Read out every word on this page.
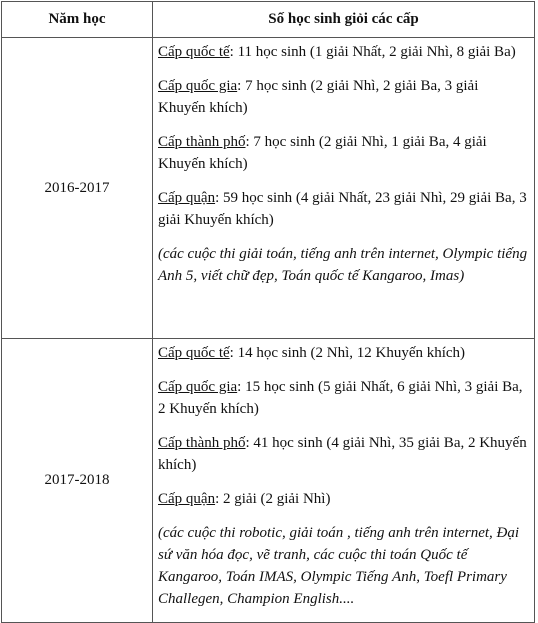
Năm học	Số học sinh giỏi các cấp
2016-2017	Cấp quốc tế: 11 học sinh (1 giải Nhất, 2 giải Nhì, 8 giải Ba)

Cấp quốc gia: 7 học sinh (2 giải Nhì, 2 giải Ba, 3 giải Khuyến khích)

Cấp thành phố: 7 học sinh (2 giải Nhì, 1 giải Ba, 4 giải Khuyến khích)

Cấp quận: 59 học sinh (4 giải Nhất, 23 giải Nhì, 29 giải Ba, 3 giải Khuyến khích)

(các cuộc thi giải toán, tiếng anh trên internet, Olympic tiếng Anh 5, viết chữ đẹp, Toán quốc tế Kangaroo, Imas)

2017-2018	Cấp quốc tế: 14 học sinh (2 Nhì, 12 Khuyến khích)

Cấp quốc gia: 15 học sinh (5 giải Nhất, 6 giải Nhì, 3 giải Ba, 2 Khuyến khích)

Cấp thành phố: 41 học sinh (4 giải Nhì, 35 giải Ba, 2 Khuyến khích)

Cấp quận: 2 giải (2 giải Nhì)

(các cuộc thi robotic, giải toán , tiếng anh trên internet, Đại sứ văn hóa đọc, vẽ tranh, các cuộc thi toán Quốc tế Kangaroo, Toán IMAS, Olympic Tiếng Anh, Toefl Primary Challegen, Champion English....
